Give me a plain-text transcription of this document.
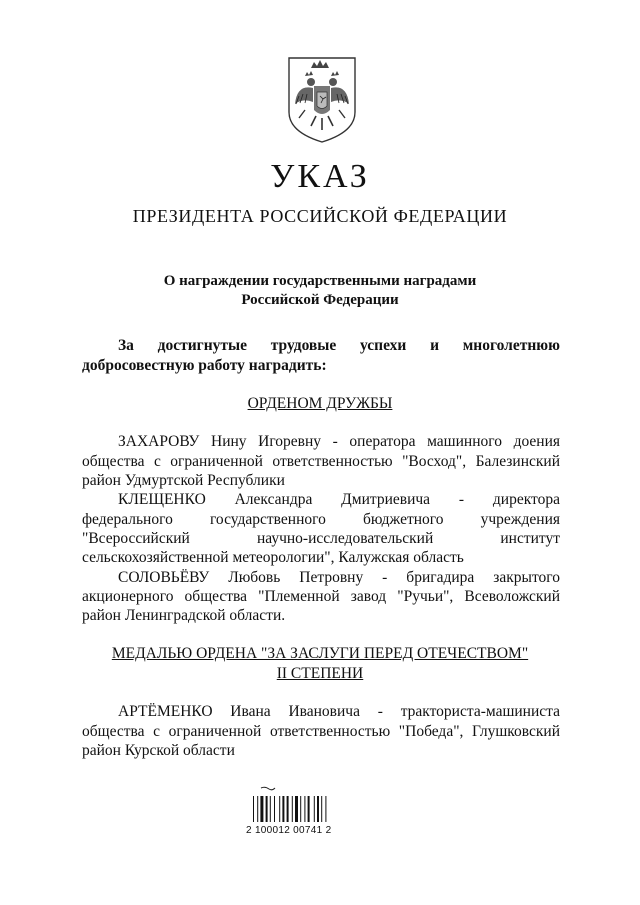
УКАЗ
ПРЕЗИДЕНТА РОССИЙСКОЙ ФЕДЕРАЦИИ
О награждении государственными наградами
Российской Федерации
За достигнутые трудовые успехи и многолетнюю
добросовестную работу наградить:
ОРДЕНОМ ДРУЖБЫ
ЗАХАРОВУ Нину Игоревну - оператора машинного доения
общества с ограниченной ответственностью "Восход", Балезинский
район Удмуртской Республики
КЛЕЩЕНКО Александра Дмитриевича - директора
федерального государственного бюджетного учреждения
"Всероссийский научно-исследовательский институт
сельскохозяйственной метеорологии", Калужская область
СОЛОВЬЁВУ Любовь Петровну - бригадира закрытого
акционерного общества "Племенной завод "Ручьи", Всеволожский
район Ленинградской области.
МЕДАЛЬЮ ОРДЕНА "ЗА ЗАСЛУГИ ПЕРЕД ОТЕЧЕСТВОМ"
II СТЕПЕНИ
АРТЁМЕНКО Ивана Ивановича - тракториста-машиниста
общества с ограниченной ответственностью "Победа", Глушковский
район Курской области
2 100012 00741 2
